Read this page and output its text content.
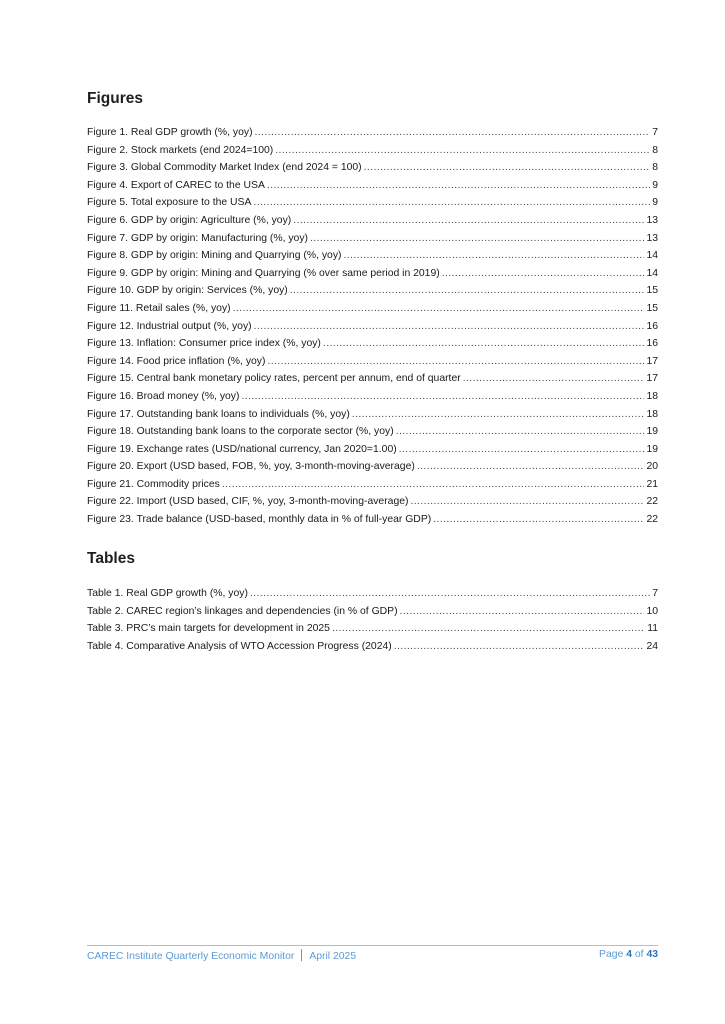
Figures
Figure 1. Real GDP growth (%, yoy) .....	7
Figure 2. Stock markets (end 2024=100) .....	8
Figure 3. Global Commodity Market Index (end 2024 = 100) .....	8
Figure 4. Export of CAREC to the USA .....	9
Figure 5. Total exposure to the USA .....	9
Figure 6. GDP by origin: Agriculture (%, yoy) .....	13
Figure 7. GDP by origin: Manufacturing (%, yoy) .....	13
Figure 8. GDP by origin: Mining and Quarrying (%, yoy) .....	14
Figure 9. GDP by origin: Mining and Quarrying (% over same period in 2019) .....	14
Figure 10. GDP by origin: Services (%, yoy) .....	15
Figure 11. Retail sales (%, yoy) .....	15
Figure 12. Industrial output (%, yoy) .....	16
Figure 13. Inflation: Consumer price index (%, yoy) .....	16
Figure 14. Food price inflation (%, yoy) .....	17
Figure 15. Central bank monetary policy rates, percent per annum, end of quarter .....	17
Figure 16. Broad money (%, yoy) .....	18
Figure 17. Outstanding bank loans to individuals (%, yoy) .....	18
Figure 18. Outstanding bank loans to the corporate sector (%, yoy) .....	19
Figure 19. Exchange rates (USD/national currency, Jan 2020=1.00) .....	19
Figure 20. Export (USD based, FOB, %, yoy, 3-month-moving-average) .....	20
Figure 21. Commodity prices .....	21
Figure 22. Import (USD based, CIF, %, yoy, 3-month-moving-average) .....	22
Figure 23. Trade balance (USD-based, monthly data in % of full-year GDP) .....	22
Tables
Table 1. Real GDP growth (%, yoy) .....	7
Table 2. CAREC region’s linkages and dependencies (in % of GDP) .....	10
Table 3. PRC’s main targets for development in 2025 .....	11
Table 4. Comparative Analysis of WTO Accession Progress (2024) .....	24
CAREC Institute Quarterly Economic Monitor April 2025	Page 4 of 43
